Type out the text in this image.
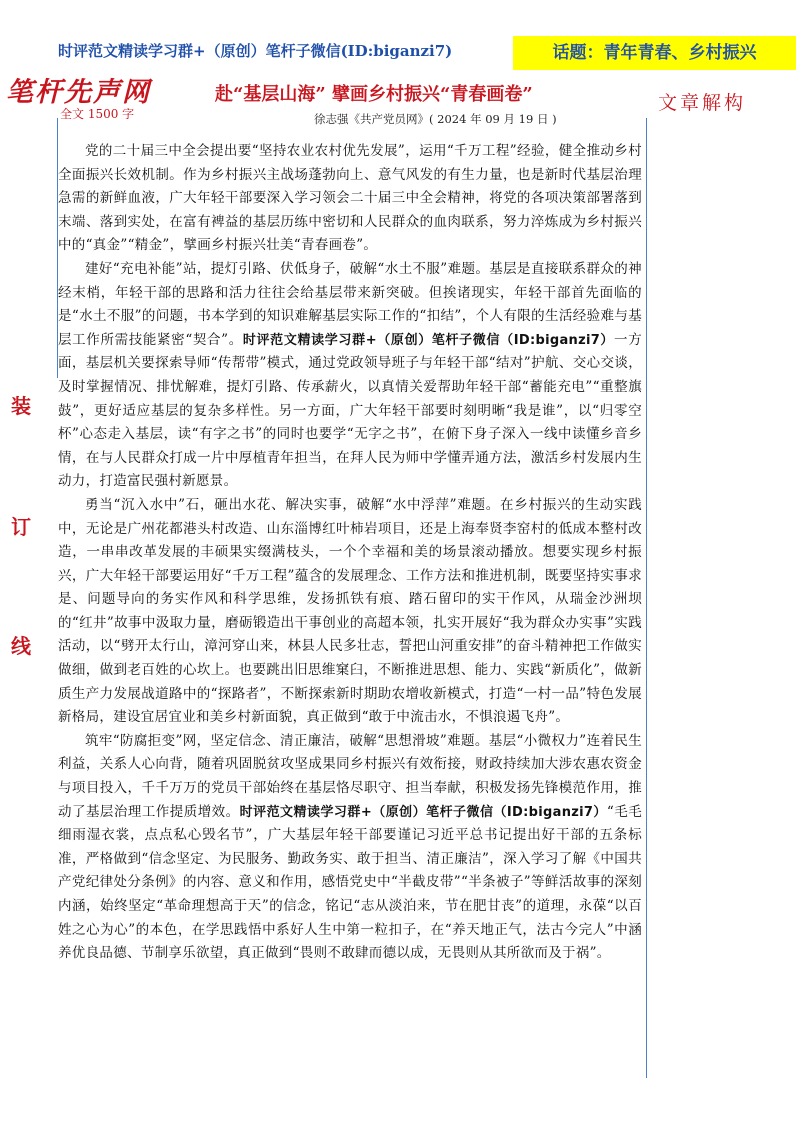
时评范文精读学习群+（原创）笔杆子微信(ID:biganzi7)	话题：青年青春、乡村振兴
笔杆先声网
全文 1500 字
赴“基层山海” 擘画乡村振兴“青春画卷”	文章解构
徐志强《共产党员网》( 2024 年 09 月 19 日 )
装
订
线

党的二十届三中全会提出要“坚持农业农村优先发展”，运用“千万工程”经验，健全推动乡村全面振兴长效机制。作为乡村振兴主战场蓬勃向上、意气风发的有生力量，也是新时代基层治理急需的新鲜血液，广大年轻干部要深入学习领会二十届三中全会精神，将党的各项决策部署落到末端、落到实处，在富有裨益的基层历练中密切和人民群众的血肉联系，努力淬炼成为乡村振兴中的“真金”“精金”，擘画乡村振兴壮美“青春画卷”。

建好“充电补能”站，提灯引路、伏低身子，破解“水土不服”难题。基层是直接联系群众的神经末梢，年轻干部的思路和活力往往会给基层带来新突破。但挨诸现实，年轻干部首先面临的是“水土不服”的问题，书本学到的知识难解基层实际工作的“扣结”，个人有限的生活经验难与基层工作所需技能紧密“契合”。时评范文精读学习群+（原创）笔杆子微信（ID:biganzi7）一方面，基层机关要探索导师“传帮带”模式，通过党政领导班子与年轻干部“结对”护航、交心交谈，及时掌握情况、排忧解难，提灯引路、传承薪火，以真情关爱帮助年轻干部“蓄能充电”“重整旗鼓”，更好适应基层的复杂多样性。另一方面，广大年轻干部要时刻明晰“我是谁”，以“归零空杯”心态走入基层，读“有字之书”的同时也要学“无字之书”，在俯下身子深入一线中读懂乡音乡情，在与人民群众打成一片中厚植青年担当，在拜人民为师中学懂弄通方法，激活乡村发展内生动力，打造富民强村新愿景。

勇当“沉入水中”石，砸出水花、解决实事，破解“水中浮萍”难题。在乡村振兴的生动实践中，无论是广州花都港头村改造、山东淄博红叶柿岩项目，还是上海奉贤李窑村的低成本整村改造，一串串改革发展的丰硕果实缀满枝头，一个个幸福和美的场景滚动播放。想要实现乡村振兴，广大年轻干部要运用好“千万工程”蕴含的发展理念、工作方法和推进机制，既要坚持实事求是、问题导向的务实作风和科学思维，发扬抓铁有痕、踏石留印的实干作风，从瑞金沙洲坝的“红井”故事中汲取力量，磨砺锻造出干事创业的高超本领，扎实开展好“我为群众办实事”实践活动，以“劈开太行山，漳河穿山来，林县人民多壮志，誓把山河重安排”的奋斗精神把工作做实做细，做到老百姓的心坎上。也要跳出旧思维窠臼，不断推进思想、能力、实践“新质化”，做新质生产力发展战道路中的“探路者”，不断探索新时期助农增收新模式，打造“一村一品”特色发展新格局，建设宜居宜业和美乡村新面貌，真正做到“敢于中流击水，不惧浪遏飞舟”。

筑牢“防腐拒变”网，坚定信念、清正廉洁，破解“思想滑坡”难题。基层“小微权力”连着民生利益，关系人心向背，随着巩固脱贫攻坚成果同乡村振兴有效衔接，财政持续加大涉农惠农资金与项目投入，千千万万的党员干部始终在基层恪尽职守、担当奉献，积极发扬先锋模范作用，推动了基层治理工作提质增效。时评范文精读学习群+（原创）笔杆子微信（ID:biganzi7）“毛毛细雨湿衣裳，点点私心毁名节”，广大基层年轻干部要谨记习近平总书记提出好干部的五条标准，严格做到“信念坚定、为民服务、勤政务实、敢于担当、清正廉洁”，深入学习了解《中国共产党纪律处分条例》的内容、意义和作用，感悟党史中“半截皮带”“半条被子”等鲜活故事的深刻内涵，始终坚定“革命理想高于天”的信念，铭记“志从淡泊来，节在肥甘丧”的道理，永葆“以百姓之心为心”的本色，在学思践悟中系好人生中第一粒扣子，在“养天地正气，法古今完人”中涵养优良品德、节制享乐欲望，真正做到“畏则不敢肆而德以成，无畏则从其所欲而及于祸”。
